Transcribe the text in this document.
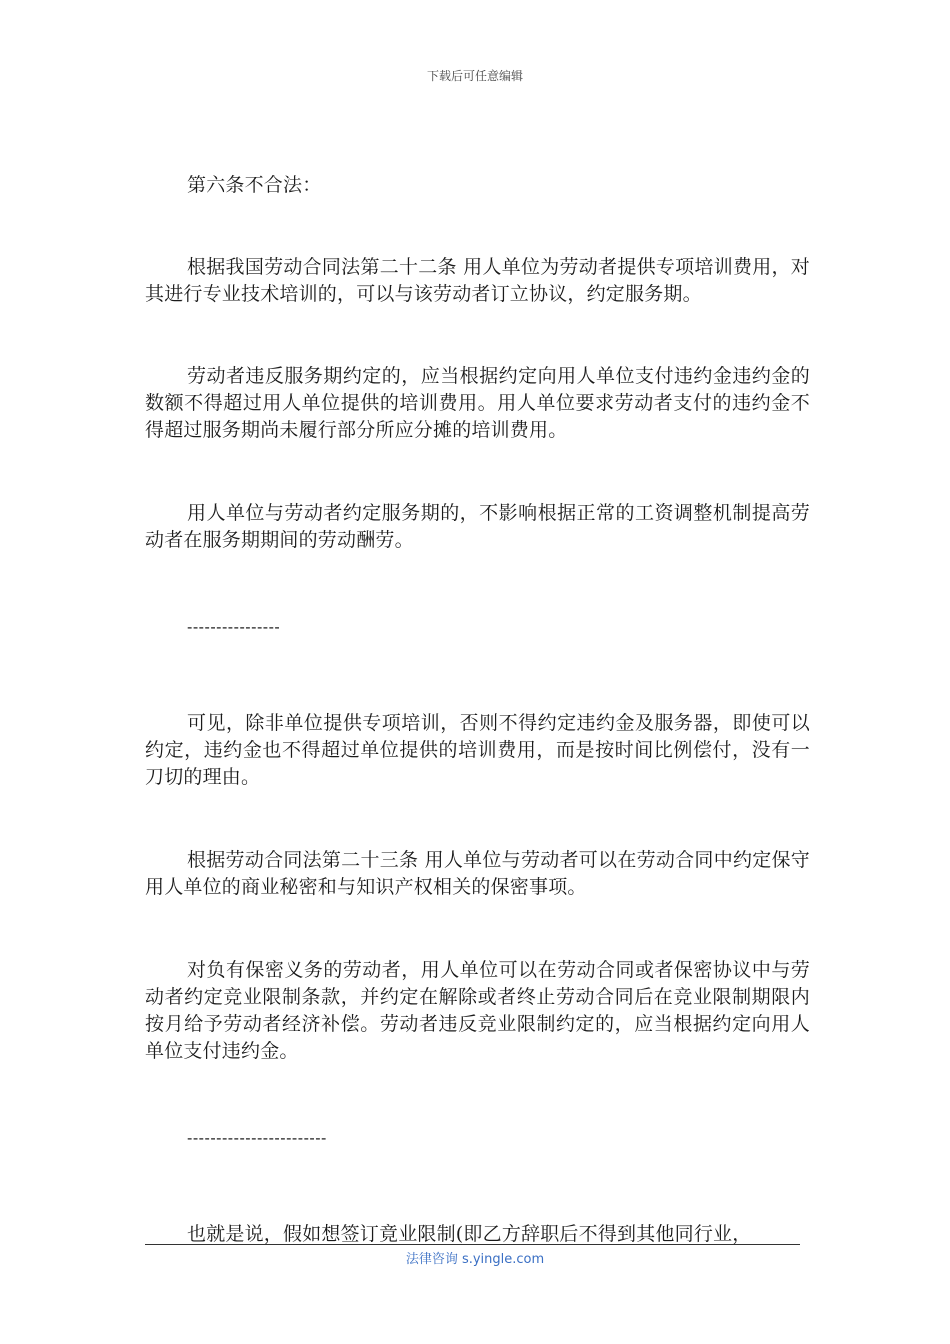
下载后可任意编辑

第六条不合法：

根据我国劳动合同法第二十二条 用人单位为劳动者提供专项培训费用，对其进行专业技术培训的，可以与该劳动者订立协议，约定服务期。

劳动者违反服务期约定的，应当根据约定向用人单位支付违约金违约金的数额不得超过用人单位提供的培训费用。用人单位要求劳动者支付的违约金不得超过服务期尚未履行部分所应分摊的培训费用。

用人单位与劳动者约定服务期的，不影响根据正常的工资调整机制提高劳动者在服务期期间的劳动酬劳。

----------------

可见，除非单位提供专项培训，否则不得约定违约金及服务器，即使可以约定，违约金也不得超过单位提供的培训费用，而是按时间比例偿付，没有一刀切的理由。

根据劳动合同法第二十三条 用人单位与劳动者可以在劳动合同中约定保守用人单位的商业秘密和与知识产权相关的保密事项。

对负有保密义务的劳动者，用人单位可以在劳动合同或者保密协议中与劳动者约定竞业限制条款，并约定在解除或者终止劳动合同后在竞业限制期限内按月给予劳动者经济补偿。劳动者违反竞业限制约定的，应当根据约定向用人单位支付违约金。

------------------------

也就是说，假如想签订竟业限制(即乙方辞职后不得到其他同行业，

法律咨询 s.yingle.com
